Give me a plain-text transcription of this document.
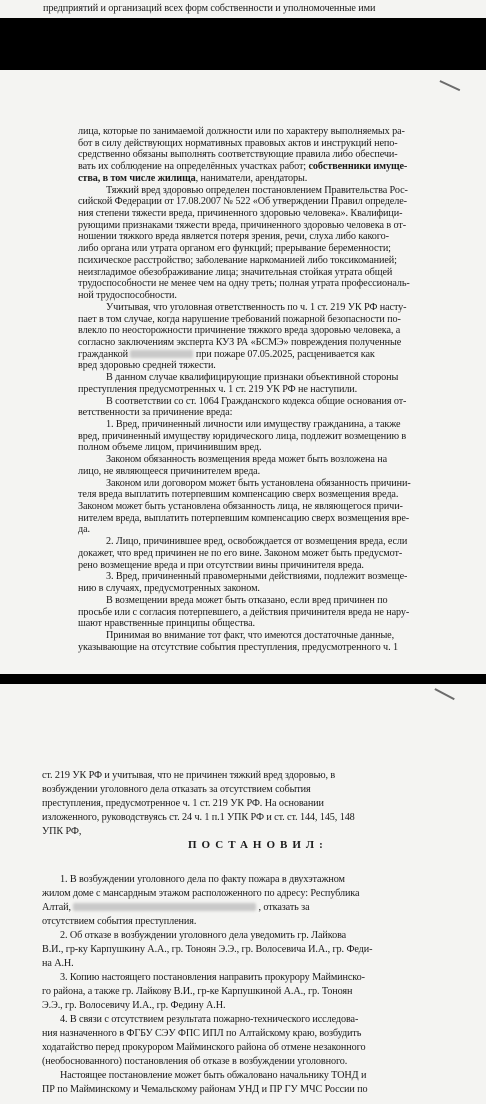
предприятий и организаций всех форм собственности и уполномоченные ими
лица, которые по занимаемой должности или по характеру выполняемых ра-
бот в силу действующих нормативных правовых актов и инструкций непо-
средственно обязаны выполнять соответствующие правила либо обеспечи-
вать их соблюдение на определённых участках работ; собственники имуще-
ства, в том числе жилища, наниматели, арендаторы.
Тяжкий вред здоровью определен постановлением Правительства Рос-
сийской Федерации от 17.08.2007 № 522 «Об утверждении Правил определе-
ния степени тяжести вреда, причиненного здоровью человека». Квалифици-
рующими признаками тяжести вреда, причиненного здоровью человека в от-
ношении тяжкого вреда является потеря зрения, речи, слуха либо какого-
либо органа или утрата органом его функций; прерывание беременности;
психическое расстройство; заболевание наркоманией либо токсикоманией;
неизгладимое обезображивание лица; значительная стойкая утрата общей
трудоспособности не менее чем на одну треть; полная утрата профессиональ-
ной трудоспособности.
Учитывая, что уголовная ответственность по ч. 1 ст. 219 УК РФ насту-
пает в том случае, когда нарушение требований пожарной безопасности по-
влекло по неосторожности причинение тяжкого вреда здоровью человека, а
согласно заключениям эксперта КУЗ РА «БСМЭ» повреждения полученные
гражданкой	при пожаре 07.05.2025, расценивается как
вред здоровью средней тяжести.
В данном случае квалифицирующие признаки объективной стороны
преступления предусмотренных ч. 1 ст. 219 УК РФ не наступили.
В соответствии со ст. 1064 Гражданского кодекса общие основания от-
ветственности за причинение вреда:
1. Вред, причиненный личности или имуществу гражданина, а также
вред, причиненный имуществу юридического лица, подлежит возмещению в
полном объеме лицом, причинившим вред.
Законом обязанность возмещения вреда может быть возложена на
лицо, не являющееся причинителем вреда.
Законом или договором может быть установлена обязанность причини-
теля вреда выплатить потерпевшим компенсацию сверх возмещения вреда.
Законом может быть установлена обязанность лица, не являющегося причи-
нителем вреда, выплатить потерпевшим компенсацию сверх возмещения вре-
да.
2. Лицо, причинившее вред, освобождается от возмещения вреда, если
докажет, что вред причинен не по его вине. Законом может быть предусмот-
рено возмещение вреда и при отсутствии вины причинителя вреда.
3. Вред, причиненный правомерными действиями, подлежит возмеще-
нию в случаях, предусмотренных законом.
В возмещении вреда может быть отказано, если вред причинен по
просьбе или с согласия потерпевшего, а действия причинителя вреда не нару-
шают нравственные принципы общества.
Принимая во внимание тот факт, что имеются достаточные данные,
указывающие на отсутствие события преступления, предусмотренного ч. 1
ПОСТАНОВИЛ:
ст. 219 УК РФ и учитывая, что не причинен тяжкий вред здоровью, в
возбуждении уголовного дела отказать за отсутствием события
преступления, предусмотренное ч. 1 ст. 219 УК РФ. На основании
изложенного, руководствуясь ст. 24 ч. 1 п.1 УПК РФ и ст. ст. 144, 145, 148
УПК РФ,
1. В возбуждении уголовного дела по факту пожара в двухэтажном
жилом доме с мансардным этажом расположенного по адресу: Республика
Алтай,	, отказать за
отсутствием события преступления.
2. Об отказе в возбуждении уголовного дела уведомить гр. Лайкова
В.И., гр-ку Карпушкину А.А., гр. Тоноян Э.Э., гр. Волосевича И.А., гр. Феди-
на А.Н.
3. Копию настоящего постановления направить прокурору Майминско-
го района, а также гр. Лайкову В.И., гр-ке Карпушкиной А.А., гр. Тоноян
Э.Э., гр. Волосевичу И.А., гр. Федину А.Н.
4. В связи с отсутствием результата пожарно-технического исследова-
ния назначенного в ФГБУ СЭУ ФПС ИПЛ по Алтайскому краю, возбудить
ходатайство перед прокурором Майминского района об отмене незаконного
(необоснованного) постановления об отказе в возбуждении уголовного.
Настоящее постановление может быть обжаловано начальнику ТОНД и
ПР по Майминскому и Чемальскому районам УНД и ПР ГУ МЧС России по
